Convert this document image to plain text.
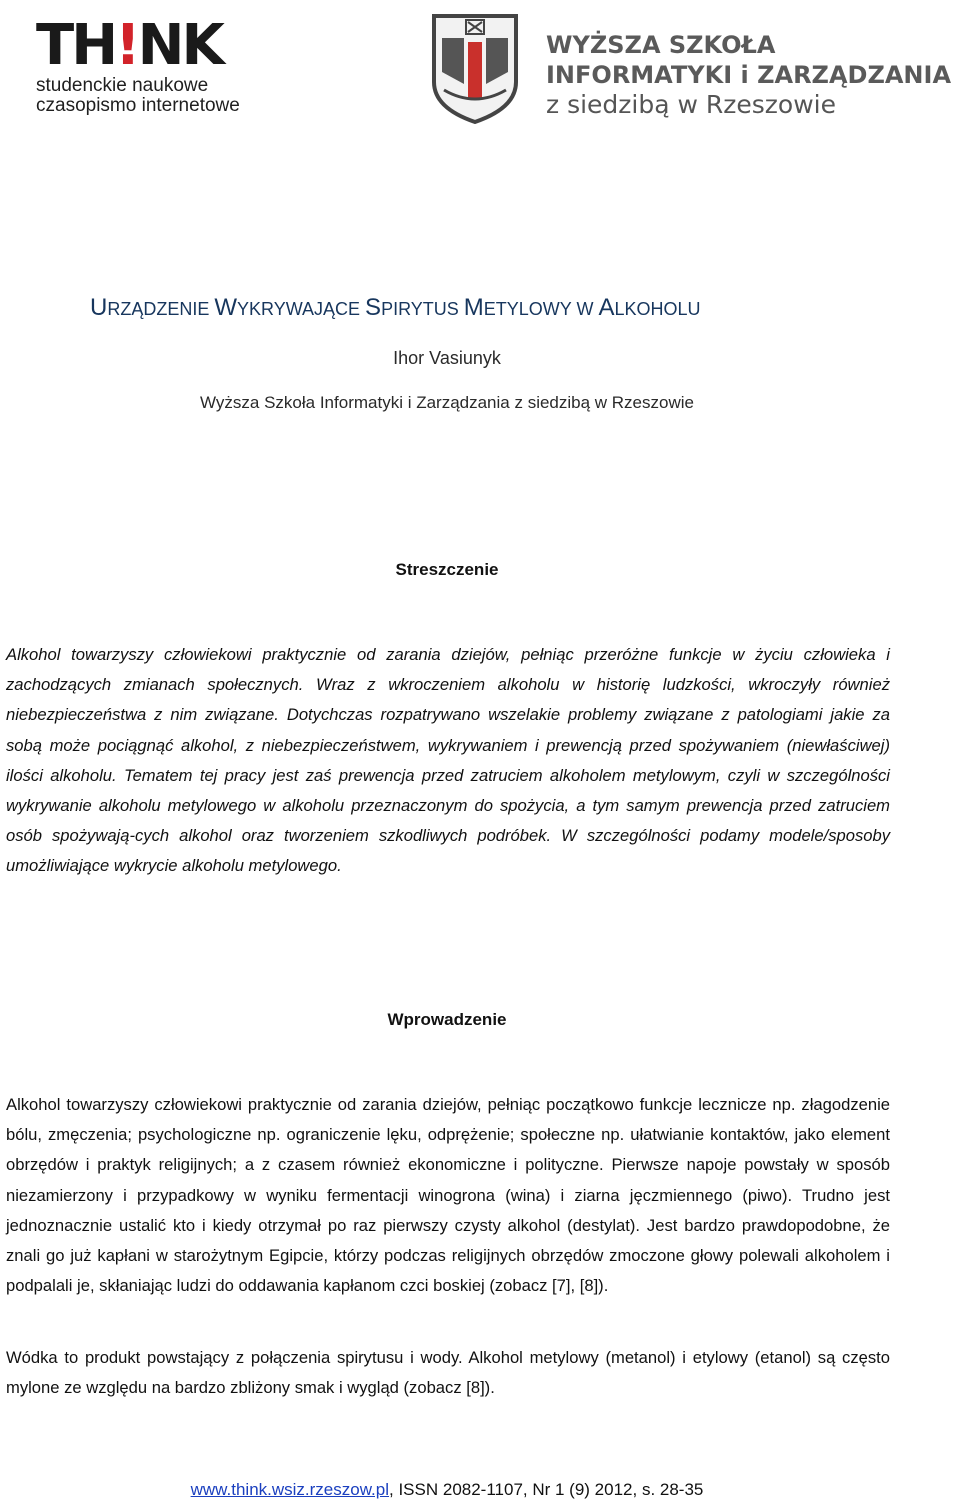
TH!NK
studenckie naukowe
czasopismo internetowe
WYŻSZA SZKOŁA
INFORMATYKI i ZARZĄDZANIA
z siedzibą w Rzeszowie
URZĄDZENIE WYKRYWAJĄCE SPIRYTUS METYLOWY W ALKOHOLU
Ihor Vasiunyk
Wyższa Szkoła Informatyki i Zarządzania z siedzibą w Rzeszowie
Streszczenie
Alkohol towarzyszy człowiekowi praktycznie od zarania dziejów, pełniąc przeróżne funkcje w życiu człowieka i zachodzących zmianach społecznych. Wraz z wkroczeniem alkoholu w historię ludzkości, wkroczyły również niebezpieczeństwa z nim związane. Dotychczas rozpatrywano wszelakie problemy związane z patologiami jakie za sobą może pociągnąć alkohol, z niebezpieczeństwem, wykrywaniem i prewencją przed spożywaniem (niewłaściwej) ilości alkoholu. Tematem tej pracy jest zaś prewencja przed zatruciem alkoholem metylowym, czyli w szczególności wykrywanie alkoholu metylowego w alkoholu przeznaczonym do spożycia, a tym samym prewencja przed zatruciem osób spożywają-cych alkohol oraz tworzeniem szkodliwych podróbek. W szczególności podamy modele/sposoby umożliwiające wykrycie alkoholu metylowego.
Wprowadzenie
Alkohol towarzyszy człowiekowi praktycznie od zarania dziejów, pełniąc początkowo funkcje lecznicze np. złagodzenie bólu, zmęczenia; psychologiczne np. ograniczenie lęku, odprężenie; społeczne np. ułatwianie kontaktów, jako element obrzędów i praktyk religijnych; a z czasem również ekonomiczne i polityczne. Pierwsze napoje powstały w sposób niezamierzony i przypadkowy w wyniku fermentacji winogrona (wina) i ziarna jęczmiennego (piwo). Trudno jest jednoznacznie ustalić kto i kiedy otrzymał po raz pierwszy czysty alkohol (destylat). Jest bardzo prawdopodobne, że znali go już kapłani w starożytnym Egipcie, którzy podczas religijnych obrzędów zmoczone głowy polewali alkoholem i podpalali je, skłaniając ludzi do oddawania kapłanom czci boskiej (zobacz [7], [8]).
Wódka to produkt powstający z połączenia spirytusu i wody. Alkohol metylowy (metanol) i etylowy (etanol) są często mylone ze względu na bardzo zbliżony smak i wygląd (zobacz [8]).
www.think.wsiz.rzeszow.pl, ISSN 2082-1107, Nr 1 (9) 2012, s. 28-35
